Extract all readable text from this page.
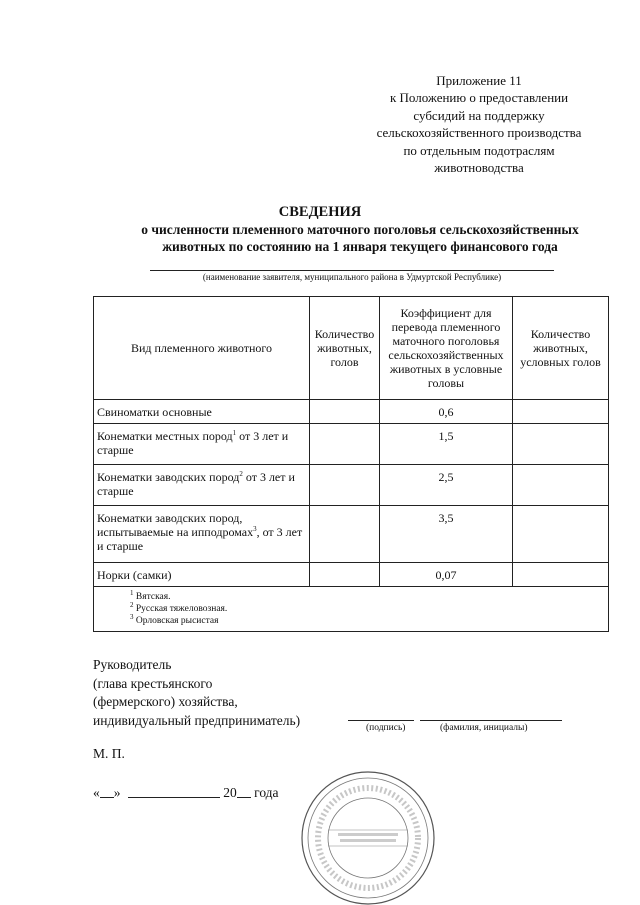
Приложение 11
к Положению о предоставлении
субсидий на поддержку
сельскохозяйственного производства
по отдельным подотраслям
животноводства
СВЕДЕНИЯ
о численности племенного маточного поголовья сельскохозяйственных
животных по состоянию на 1 января текущего финансового года
(наименование заявителя, муниципального района в Удмуртской Республике)
Вид племенного животного	Количество животных, голов	Коэффициент для перевода племенного маточного поголовья сельскохозяйственных животных в условные головы	Количество животных, условных голов
Свиноматки основные		0,6	
Конематки местных пород$^1$ от 3 лет и старше		1,5	
Конематки заводских пород$^2$ от 3 лет и старше		2,5	
Конематки заводских пород, испытываемые на ипподромах$^3$, от 3 лет и старше		3,5	
Норки (самки)		0,07	

$^1$ Вятская.
$^2$ Русская тяжеловозная.
$^3$ Орловская рысистая			
Руководитель
(глава крестьянского
(фермерского) хозяйства,
индивидуальный предприниматель)
(подпись)	(фамилия, инициалы)
М. П.
« »	20 года
